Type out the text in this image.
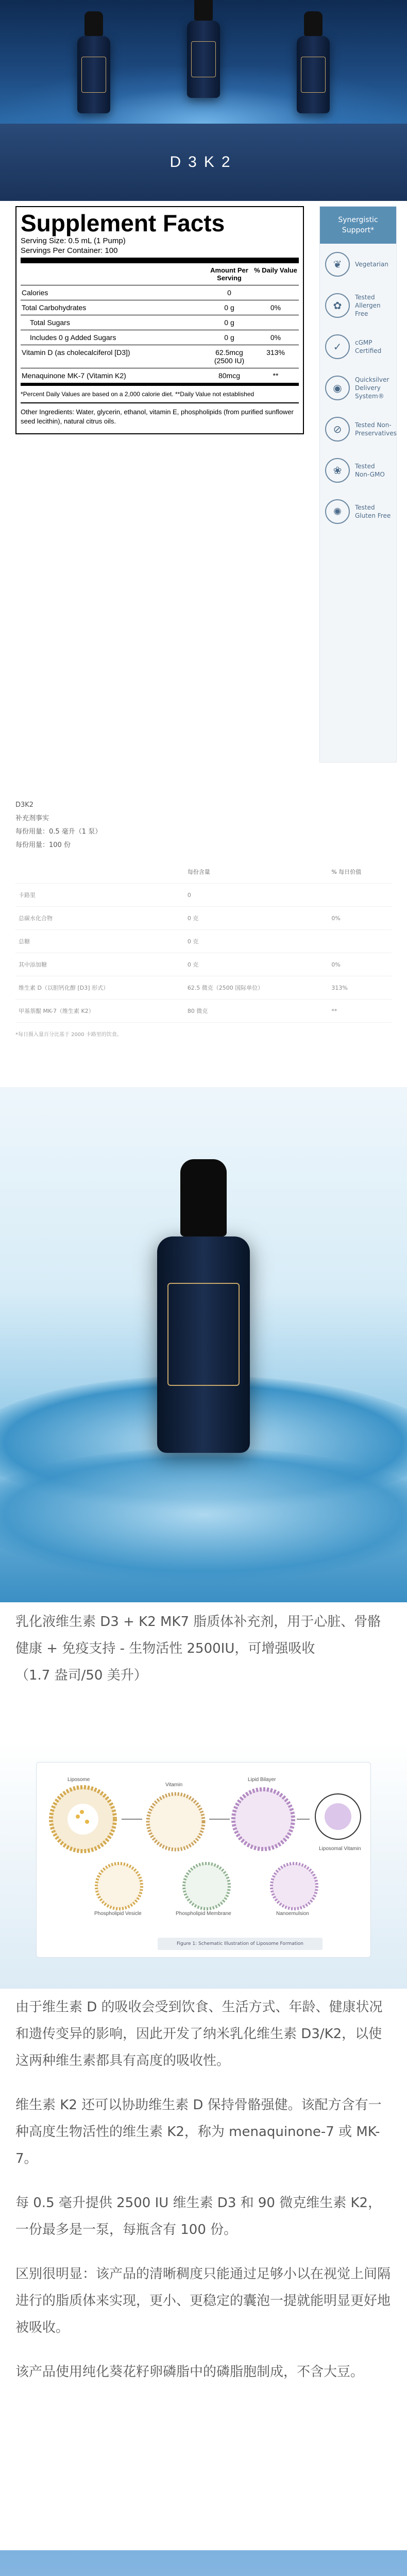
D3K2
Supplement Facts
Serving Size: 0.5 mL (1 Pump)
Servings Per Container: 100
	Amount Per Serving	% Daily Value
Calories	0	
Total Carbohydrates	0 g	0%
Total Sugars	0 g	
Includes 0 g Added Sugars	0 g	0%
Vitamin D (as cholecalciferol [D3])	62.5mcg (2500 IU)	313%
Menaquinone MK-7 (Vitamin K2)	80mcg	**
*Percent Daily Values are based on a 2,000 calorie diet. **Daily Value not established
Other Ingredients: Water, glycerin, ethanol, vitamin E, phospholipids (from purified sunflower seed lecithin), natural citrus oils.
Synergistic Support*
❦	Vegetarian
✿
Tested Allergen Free
✓	cGMP Certified
◉
Quicksilver Delivery System®
⊘	Tested Non-Preservatives
❀	Tested Non-GMO
✺	Tested Gluten Free

D3K2

补充剂事实

每份用量：0.5 毫升（1 泵）

每份用量：100 份

	每份含量	% 每日价值
卡路里	0	
总碳水化合物	0 克	0%
总糖	0 克	
其中添加糖	0 克	0%
维生素 D（以胆钙化醇 [D3] 形式）	62.5 微克（2500 国际单位）	313%
甲基萘醌 MK-7（维生素 K2）	80 微克	**
*每日摄入量百分比基于 2000 卡路里的饮食。

乳化液维生素 D3 + K2 MK7 脂质体补充剂，用于心脏、骨骼健康 + 免疫支持 - 生物活性 2500IU，可增强吸收

（1.7 盎司/50 美升）

Liposome
Vitamin
Lipid Bilayer
Liposomal Vitamin
Phospholipid Vesicle	Phospholipid Membrane	Nanoemulsion
Figure 1: Schematic Illustration of Liposome Formation

由于维生素 D 的吸收会受到饮食、生活方式、年龄、健康状况和遗传变异的影响，因此开发了纳米乳化维生素 D3/K2，以使这两种维生素都具有高度的吸收性。

维生素 K2 还可以协助维生素 D 保持骨骼强健。该配方含有一种高度生物活性的维生素 K2，称为 menaquinone-7 或 MK-7。

每 0.5 毫升提供 2500 IU 维生素 D3 和 90 微克维生素 K2，一份最多是一泵，每瓶含有 100 份。

区别很明显：该产品的清晰稠度只能通过足够小以在视觉上间隔进行的脂质体来实现，更小、更稳定的囊泡一提就能明显更好地被吸收。

该产品使用纯化葵花籽卵磷脂中的磷脂胞制成，不含大豆。
